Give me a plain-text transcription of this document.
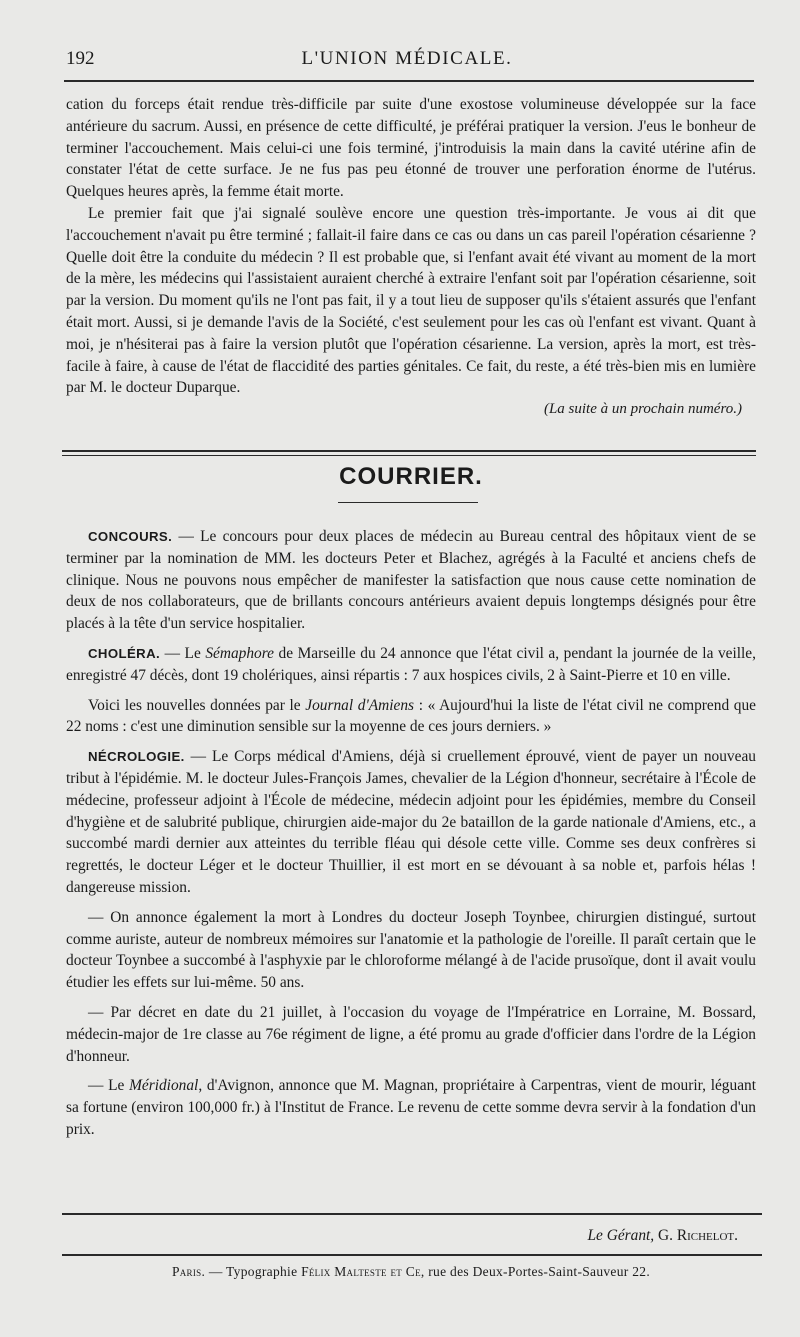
192	L'UNION MÉDICALE.

cation du forceps était rendue très-difficile par suite d'une exostose volumineuse développée sur la face antérieure du sacrum. Aussi, en présence de cette difficulté, je préférai pratiquer la version. J'eus le bonheur de terminer l'accouchement. Mais celui-ci une fois terminé, j'introduisis la main dans la cavité utérine afin de constater l'état de cette surface. Je ne fus pas peu étonné de trouver une perforation énorme de l'utérus. Quelques heures après, la femme était morte.

Le premier fait que j'ai signalé soulève encore une question très-importante. Je vous ai dit que l'accouchement n'avait pu être terminé ; fallait-il faire dans ce cas ou dans un cas pareil l'opération césarienne ? Quelle doit être la conduite du médecin ? Il est probable que, si l'enfant avait été vivant au moment de la mort de la mère, les médecins qui l'assistaient auraient cherché à extraire l'enfant soit par l'opération césarienne, soit par la version. Du moment qu'ils ne l'ont pas fait, il y a tout lieu de supposer qu'ils s'étaient assurés que l'enfant était mort. Aussi, si je demande l'avis de la Société, c'est seulement pour les cas où l'enfant est vivant. Quant à moi, je n'hésiterai pas à faire la version plutôt que l'opération césarienne. La version, après la mort, est très-facile à faire, à cause de l'état de flaccidité des parties génitales. Ce fait, du reste, a été très-bien mis en lumière par M. le docteur Duparque.

(La suite à un prochain numéro.)

COURRIER.

CONCOURS. — Le concours pour deux places de médecin au Bureau central des hôpitaux vient de se terminer par la nomination de MM. les docteurs Peter et Blachez, agrégés à la Faculté et anciens chefs de clinique. Nous ne pouvons nous empêcher de manifester la satisfaction que nous cause cette nomination de deux de nos collaborateurs, que de brillants concours antérieurs avaient depuis longtemps désignés pour être placés à la tête d'un service hospitalier.

CHOLÉRA. — Le Sémaphore de Marseille du 24 annonce que l'état civil a, pendant la journée de la veille, enregistré 47 décès, dont 19 cholériques, ainsi répartis : 7 aux hospices civils, 2 à Saint-Pierre et 10 en ville.

Voici les nouvelles données par le Journal d'Amiens : « Aujourd'hui la liste de l'état civil ne comprend que 22 noms : c'est une diminution sensible sur la moyenne de ces jours derniers. »

NÉCROLOGIE. — Le Corps médical d'Amiens, déjà si cruellement éprouvé, vient de payer un nouveau tribut à l'épidémie. M. le docteur Jules-François James, chevalier de la Légion d'honneur, secrétaire à l'École de médecine, professeur adjoint à l'École de médecine, médecin adjoint pour les épidémies, membre du Conseil d'hygiène et de salubrité publique, chirurgien aide-major du 2e bataillon de la garde nationale d'Amiens, etc., a succombé mardi dernier aux atteintes du terrible fléau qui désole cette ville. Comme ses deux confrères si regrettés, le docteur Léger et le docteur Thuillier, il est mort en se dévouant à sa noble et, parfois hélas ! dangereuse mission.

— On annonce également la mort à Londres du docteur Joseph Toynbee, chirurgien distingué, surtout comme auriste, auteur de nombreux mémoires sur l'anatomie et la pathologie de l'oreille. Il paraît certain que le docteur Toynbee a succombé à l'asphyxie par le chloroforme mélangé à de l'acide prusoïque, dont il avait voulu étudier les effets sur lui-même. 50 ans.

— Par décret en date du 21 juillet, à l'occasion du voyage de l'Impératrice en Lorraine, M. Bossard, médecin-major de 1re classe au 76e régiment de ligne, a été promu au grade d'officier dans l'ordre de la Légion d'honneur.

— Le Méridional, d'Avignon, annonce que M. Magnan, propriétaire à Carpentras, vient de mourir, léguant sa fortune (environ 100,000 fr.) à l'Institut de France. Le revenu de cette somme devra servir à la fondation d'un prix.

Le Gérant, G. Richelot.
Paris. — Typographie Félix Malteste et Ce, rue des Deux-Portes-Saint-Sauveur 22.
